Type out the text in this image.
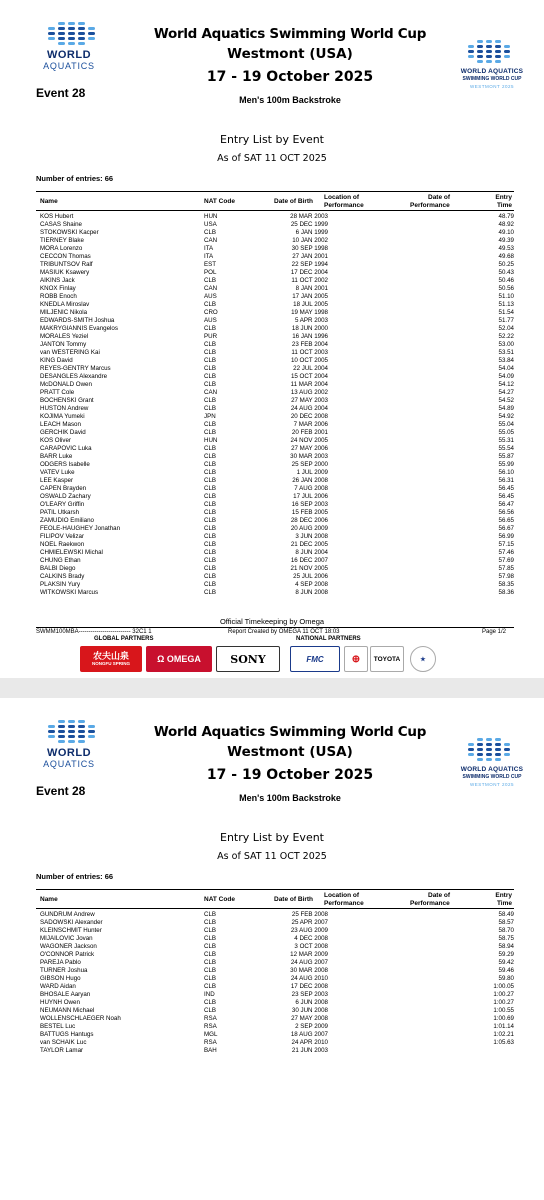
WORLD
AQUATICS
Event 28
World Aquatics Swimming World Cup
Westmont (USA)
17 - 19 October 2025
Men's 100m Backstroke
WORLD AQUATICS
SWIMMING WORLD CUP
WESTMONT 2025
Entry List by Event
As of SAT 11 OCT 2025
Number of entries: 66
Name	NAT Code	Date of Birth
Location of
Performance
Date of
Performance
Entry
Time
KOS Hubert	HUN	28 MAR 2003	48.79
CASAS Shaine	USA	25 DEC 1999	48.92
STOKOWSKI Kacper	CLB	6 JAN 1999	49.10
TIERNEY Blake	CAN	10 JAN 2002	49.39
MORA Lorenzo	ITA	30 SEP 1998	49.53
CECCON Thomas	ITA	27 JAN 2001	49.68
TRIBUNTSOV Ralf	EST	22 SEP 1994	50.25
MASIUK Ksawery	POL	17 DEC 2004	50.43
AIKINS Jack	CLB	11 OCT 2002	50.46
KNOX Finlay	CAN	8 JAN 2001	50.56
ROBB Enoch	AUS	17 JAN 2005	51.10
KNEDLA Miroslav	CLB	18 JUL 2005	51.13
MILJENIC Nikola	CRO	19 MAY 1998	51.54
EDWARDS-SMITH Joshua	AUS	5 APR 2003	51.77
MAKRYGIANNIS Evangelos	CLB	18 JUN 2000	52.04
MORALES Yeziel	PUR	16 JAN 1996	52.22
JANTON Tommy	CLB	23 FEB 2004	53.00
van WESTERING Kai	CLB	11 OCT 2003	53.51
KING David	CLB	10 OCT 2005	53.84
REYES-GENTRY Marcus	CLB	22 JUL 2004	54.04
DESANGLES Alexandre	CLB	15 OCT 2004	54.09
McDONALD Owen	CLB	11 MAR 2004	54.12
PRATT Cole	CAN	13 AUG 2002	54.27
BOCHENSKI Grant	CLB	27 MAY 2003	54.52
HUSTON Andrew	CLB	24 AUG 2004	54.89
KOJIMA Yumeki	JPN	20 DEC 2008	54.92
LEACH Mason	CLB	7 MAR 2006	55.04
GERCHIK David	CLB	20 FEB 2001	55.05
KOS Oliver	HUN	24 NOV 2005	55.31
CARAPOVIC Luka	CLB	27 MAY 2006	55.54
BARR Luke	CLB	30 MAR 2003	55.87
ODGERS Isabelle	CLB	25 SEP 2000	55.99
VATEV Luke	CLB	1 JUL 2009	56.10
LEE Kasper	CLB	26 JAN 2008	56.31
CAPEN Brayden	CLB	7 AUG 2008	56.45
OSWALD Zachary	CLB	17 JUL 2006	56.45
O'LEARY Griffin	CLB	16 SEP 2003	56.47
PATIL Utkarsh	CLB	15 FEB 2005	56.56
ZAMUDIO Emiliano	CLB	28 DEC 2006	56.65
FEOLE-HAUGHEY Jonathan	CLB	20 AUG 2009	56.67
FILIPOV Velizar	CLB	3 JUN 2008	56.99
NOEL Raekwon	CLB	21 DEC 2005	57.15
CHMIELEWSKI Michal	CLB	8 JUN 2004	57.46
CHUNG Ethan	CLB	16 DEC 2007	57.69
BALBI Diego	CLB	21 NOV 2005	57.85
CALKINS Brady	CLB	25 JUL 2006	57.98
PLAKSIN Yury	CLB	4 SEP 2008	58.35
WITKOWSKI Marcus	CLB	8 JUN 2008	58.36
Official Timekeeping by Omega
SWMM100MBA-------------------------- 32C1 1	Report Created by OMEGA 11 OCT 18:03	Page 1/2
GLOBAL PARTNERS	NATIONAL PARTNERS
农夫山泉
NONGFU SPRING	Ω OMEGA	SONY	FMC	⊕	TOYOTA	★
WORLD
AQUATICS
Event 28
World Aquatics Swimming World Cup
Westmont (USA)
17 - 19 October 2025
Men's 100m Backstroke
WORLD AQUATICS
SWIMMING WORLD CUP
WESTMONT 2025
Entry List by Event
As of SAT 11 OCT 2025
Number of entries: 66
Name	NAT Code	Date of Birth
Location of
Performance
Date of
Performance
Entry
Time
GUNDRUM Andrew	CLB	25 FEB 2008	58.49
SADOWSKI Alexander	CLB	25 APR 2007	58.57
KLEINSCHMIT Hunter	CLB	23 AUG 2009	58.70
MIJAILOVIC Jovan	CLB	4 DEC 2008	58.75
WAGONER Jackson	CLB	3 OCT 2008	58.94
O'CONNOR Patrick	CLB	12 MAR 2009	59.29
PAREJA Pablo	CLB	24 AUG 2007	59.42
TURNER Joshua	CLB	30 MAR 2008	59.46
GIBSON Hugo	CLB	24 AUG 2010	59.80
WARD Aidan	CLB	17 DEC 2008	1:00.05
BHOSALE Aaryan	IND	23 SEP 2003	1:00.27
HUYNH Owen	CLB	6 JUN 2008	1:00.27
NEUMANN Michael	CLB	30 JUN 2008	1:00.55
WOLLENSCHLAEGER Noah	RSA	27 MAY 2008	1:00.69
BESTEL Luc	RSA	2 SEP 2009	1:01.14
BATTUGS Hantugs	MGL	18 AUG 2007	1:02.21
van SCHAIK Luc	RSA	24 APR 2010	1:05.63
TAYLOR Lamar	BAH	21 JUN 2003
